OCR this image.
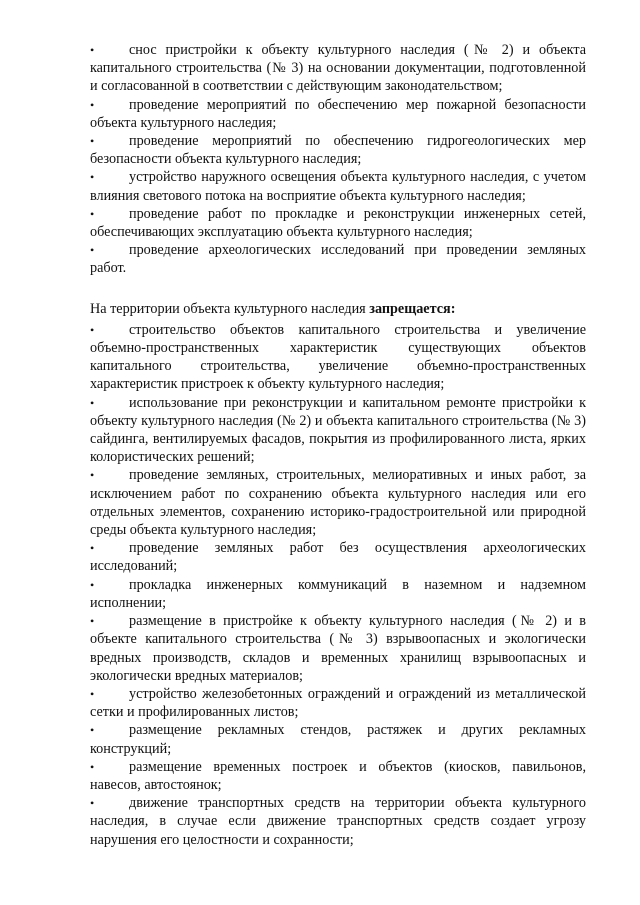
• снос пристройки к объекту культурного наследия (№ 2) и объекта капитального строительства (№ 3) на основании документации, подготовленной и согласованной в соответствии с действующим законодательством;
• проведение мероприятий по обеспечению мер пожарной безопасности объекта культурного наследия;
• проведение мероприятий по обеспечению гидрогеологических мер безопасности объекта культурного наследия;
• устройство наружного освещения объекта культурного наследия, с учетом влияния светового потока на восприятие объекта культурного наследия;
• проведение работ по прокладке и реконструкции инженерных сетей, обеспечивающих эксплуатацию объекта культурного наследия;
• проведение археологических исследований при проведении земляных работ.

На территории объекта культурного наследия запрещается:

• строительство объектов капитального строительства и увеличение объемно-пространственных характеристик существующих объектов капитального строительства, увеличение объемно-пространственных характеристик пристроек к объекту культурного наследия;
• использование при реконструкции и капитальном ремонте пристройки к объекту культурного наследия (№ 2) и объекта капитального строительства (№ 3) сайдинга, вентилируемых фасадов, покрытия из профилированного листа, ярких колористических решений;
• проведение земляных, строительных, мелиоративных и иных работ, за исключением работ по сохранению объекта культурного наследия или его отдельных элементов, сохранению историко-градостроительной или природной среды объекта культурного наследия;
• проведение земляных работ без осуществления археологических исследований;
• прокладка инженерных коммуникаций в наземном и надземном исполнении;
• размещение в пристройке к объекту культурного наследия (№ 2) и в объекте капитального строительства (№ 3) взрывоопасных и экологически вредных производств, складов и временных хранилищ взрывоопасных и экологически вредных материалов;
• устройство железобетонных ограждений и ограждений из металлической сетки и профилированных листов;
• размещение рекламных стендов, растяжек и других рекламных конструкций;
• размещение временных построек и объектов (киосков, павильонов, навесов, автостоянок;
• движение транспортных средств на территории объекта культурного наследия, в случае если движение транспортных средств создает угрозу нарушения его целостности и сохранности;
